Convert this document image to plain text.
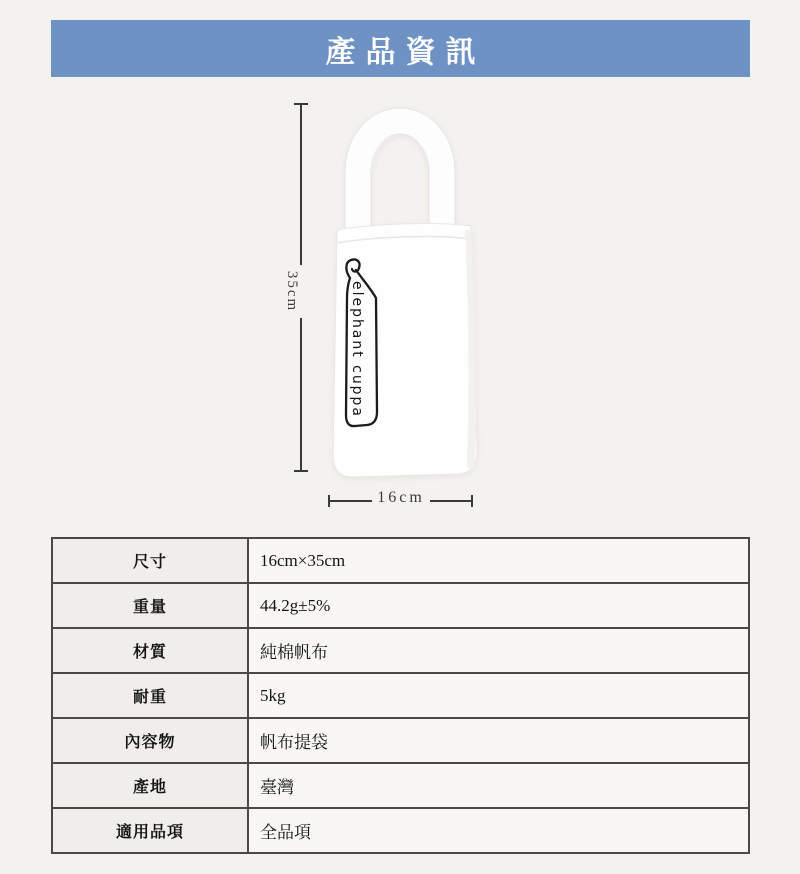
產品資訊
elephant cuppa
35cm
16cm
尺寸	16cm×35cm
重量	44.2g±5%
材質	純棉帆布
耐重	5kg
內容物	帆布提袋
產地	臺灣
適用品項	全品項
